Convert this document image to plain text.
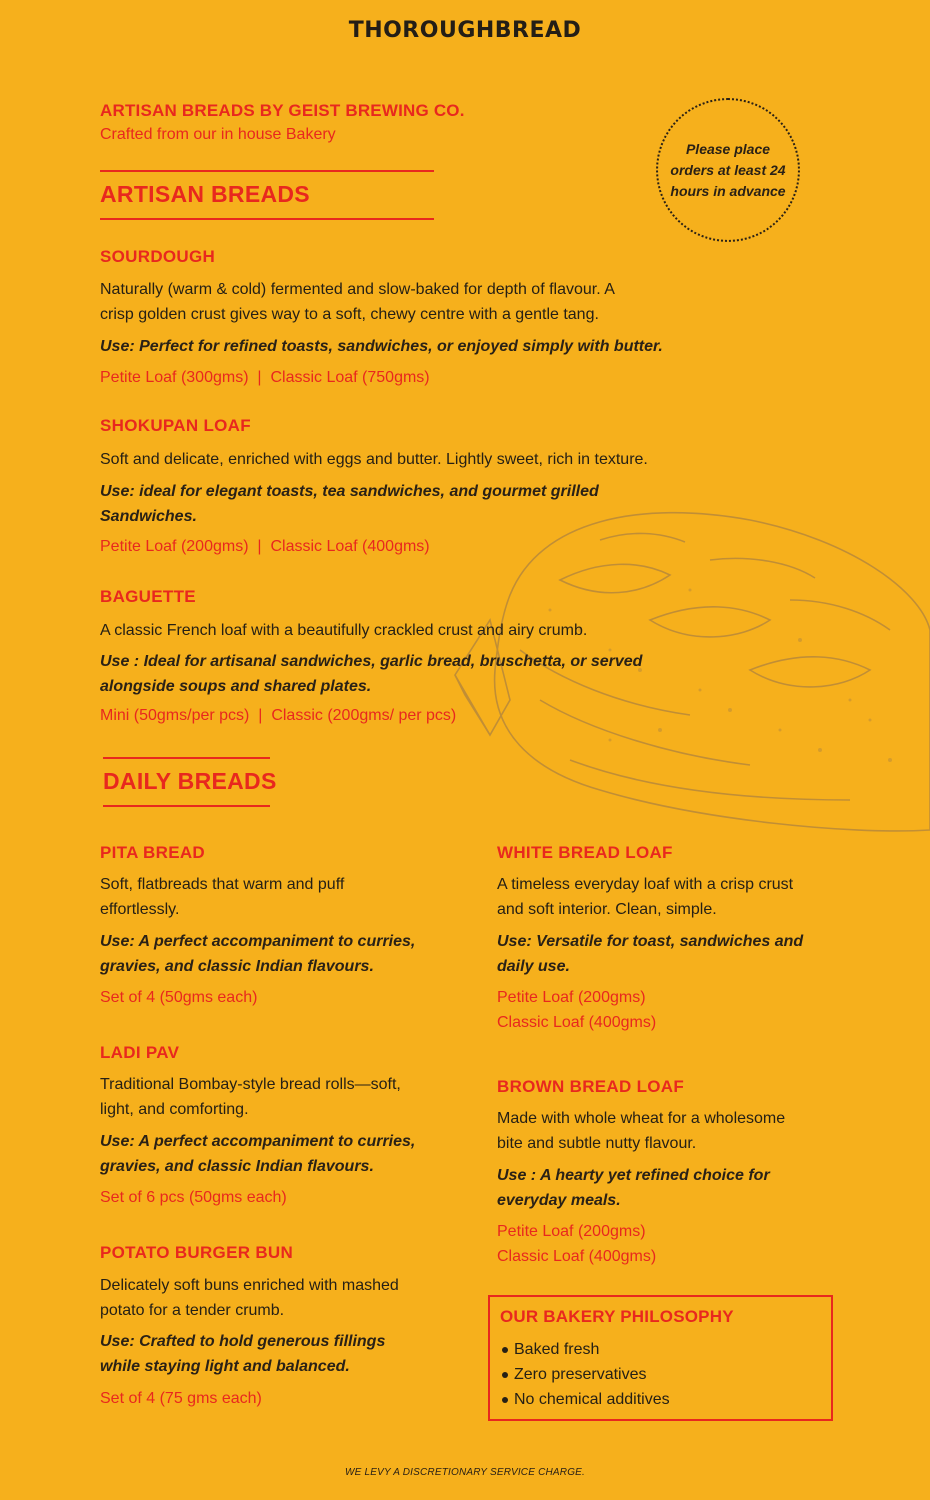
THOROUGHBREAD
ARTISAN BREADS BY GEIST BREWING CO.
Crafted from our in house Bakery
Please place orders at least 24 hours in advance
ARTISAN BREADS
SOURDOUGH
Naturally (warm & cold) fermented and slow-baked for depth of flavour. A
crisp golden crust gives way to a soft, chewy centre with a gentle tang.
Use: Perfect for refined toasts, sandwiches, or enjoyed simply with butter.
Petite Loaf (300gms)  |  Classic Loaf (750gms)
SHOKUPAN LOAF
Soft and delicate, enriched with eggs and butter. Lightly sweet, rich in texture.
Use: ideal for elegant toasts, tea sandwiches, and gourmet grilled
Sandwiches.
Petite Loaf (200gms)  |  Classic Loaf (400gms)
BAGUETTE
A classic French loaf with a beautifully crackled crust and airy crumb.
Use : Ideal for artisanal sandwiches, garlic bread, bruschetta, or served
alongside soups and shared plates.
Mini (50gms/per pcs)  |  Classic (200gms/ per pcs)
DAILY BREADS
PITA BREAD
Soft, flatbreads that warm and puff
effortlessly.
Use: A perfect accompaniment to curries,
gravies, and classic Indian flavours.
Set of 4 (50gms each)
LADI PAV
Traditional Bombay-style bread rolls—soft,
light, and comforting.
Use: A perfect accompaniment to curries,
gravies, and classic Indian flavours.
Set of 6 pcs (50gms each)
POTATO BURGER BUN
Delicately soft buns enriched with mashed
potato for a tender crumb.
Use: Crafted to hold generous fillings
while staying light and balanced.
Set of 4 (75 gms each)
WHITE BREAD LOAF
A timeless everyday loaf with a crisp crust
and soft interior. Clean, simple.
Use: Versatile for toast, sandwiches and
daily use.
Petite Loaf (200gms)
Classic Loaf (400gms)
BROWN BREAD LOAF
Made with whole wheat for a wholesome
bite and subtle nutty flavour.
Use : A hearty yet refined choice for
everyday meals.
Petite Loaf (200gms)
Classic Loaf (400gms)
OUR BAKERY PHILOSOPHY
Baked fresh
Zero preservatives
No chemical additives
WE LEVY A DISCRETIONARY SERVICE CHARGE.
